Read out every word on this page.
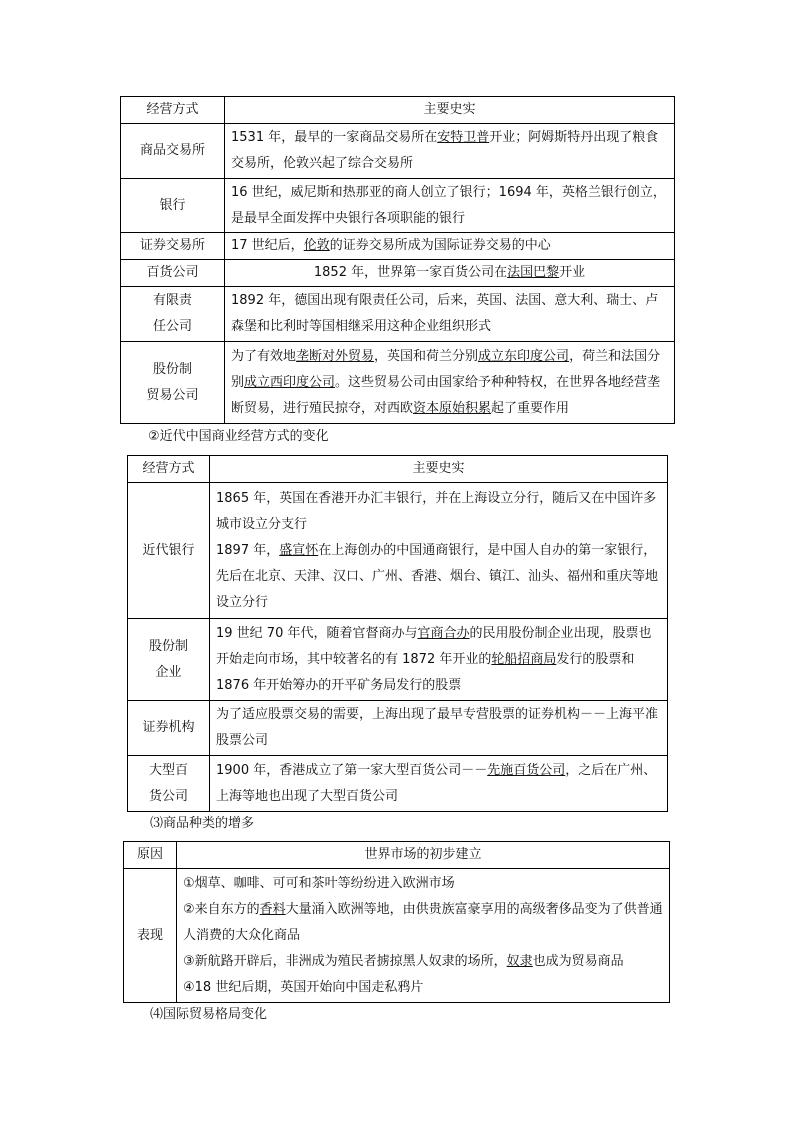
经营方式	主要史实
商品交易所	1531 年，最早的一家商品交易所在安特卫普开业；阿姆斯特丹出现了粮食交易所，伦敦兴起了综合交易所
银行	16 世纪，威尼斯和热那亚的商人创立了银行；1694 年，英格兰银行创立，是最早全面发挥中央银行各项职能的银行
证券交易所	17 世纪后，伦敦的证券交易所成为国际证券交易的中心
百货公司	1852 年，世界第一家百货公司在法国巴黎开业

有限责
任公司	1892 年，德国出现有限责任公司，后来，英国、法国、意大利、瑞士、卢森堡和比利时等国相继采用这种企业组织形式

股份制
贸易公司	为了有效地垄断对外贸易，英国和荷兰分别成立东印度公司，荷兰和法国分别成立西印度公司。这些贸易公司由国家给予种种特权，在世界各地经营垄断贸易，进行殖民掠夺，对西欧资本原始积累起了重要作用
②近代中国商业经营方式的变化
经营方式	主要史实
近代银行	1865 年，英国在香港开办汇丰银行，并在上海设立分行，随后又在中国许多城市设立分支行
1897 年，盛宣怀在上海创办的中国通商银行，是中国人自办的第一家银行，先后在北京、天津、汉口、广州、香港、烟台、镇江、汕头、福州和重庆等地设立分行

股份制
企业	19 世纪 70 年代，随着官督商办与官商合办的民用股份制企业出现，股票也开始走向市场，其中较著名的有 1872 年开业的轮船招商局发行的股票和 1876 年开始筹办的开平矿务局发行的股票
证券机构	为了适应股票交易的需要，上海出现了最早专营股票的证券机构－－上海平准股票公司

大型百
货公司	1900 年，香港成立了第一家大型百货公司－－先施百货公司，之后在广州、上海等地也出现了大型百货公司
⑶商品种类的增多
原因	世界市场的初步建立
表现	①烟草、咖啡、可可和茶叶等纷纷进入欧洲市场
②来自东方的香料大量涌入欧洲等地，由供贵族富豪享用的高级奢侈品变为了供普通人消费的大众化商品
③新航路开辟后，非洲成为殖民者掳掠黑人奴隶的场所，奴隶也成为贸易商品
④18 世纪后期，英国开始向中国走私鸦片
⑷国际贸易格局变化
